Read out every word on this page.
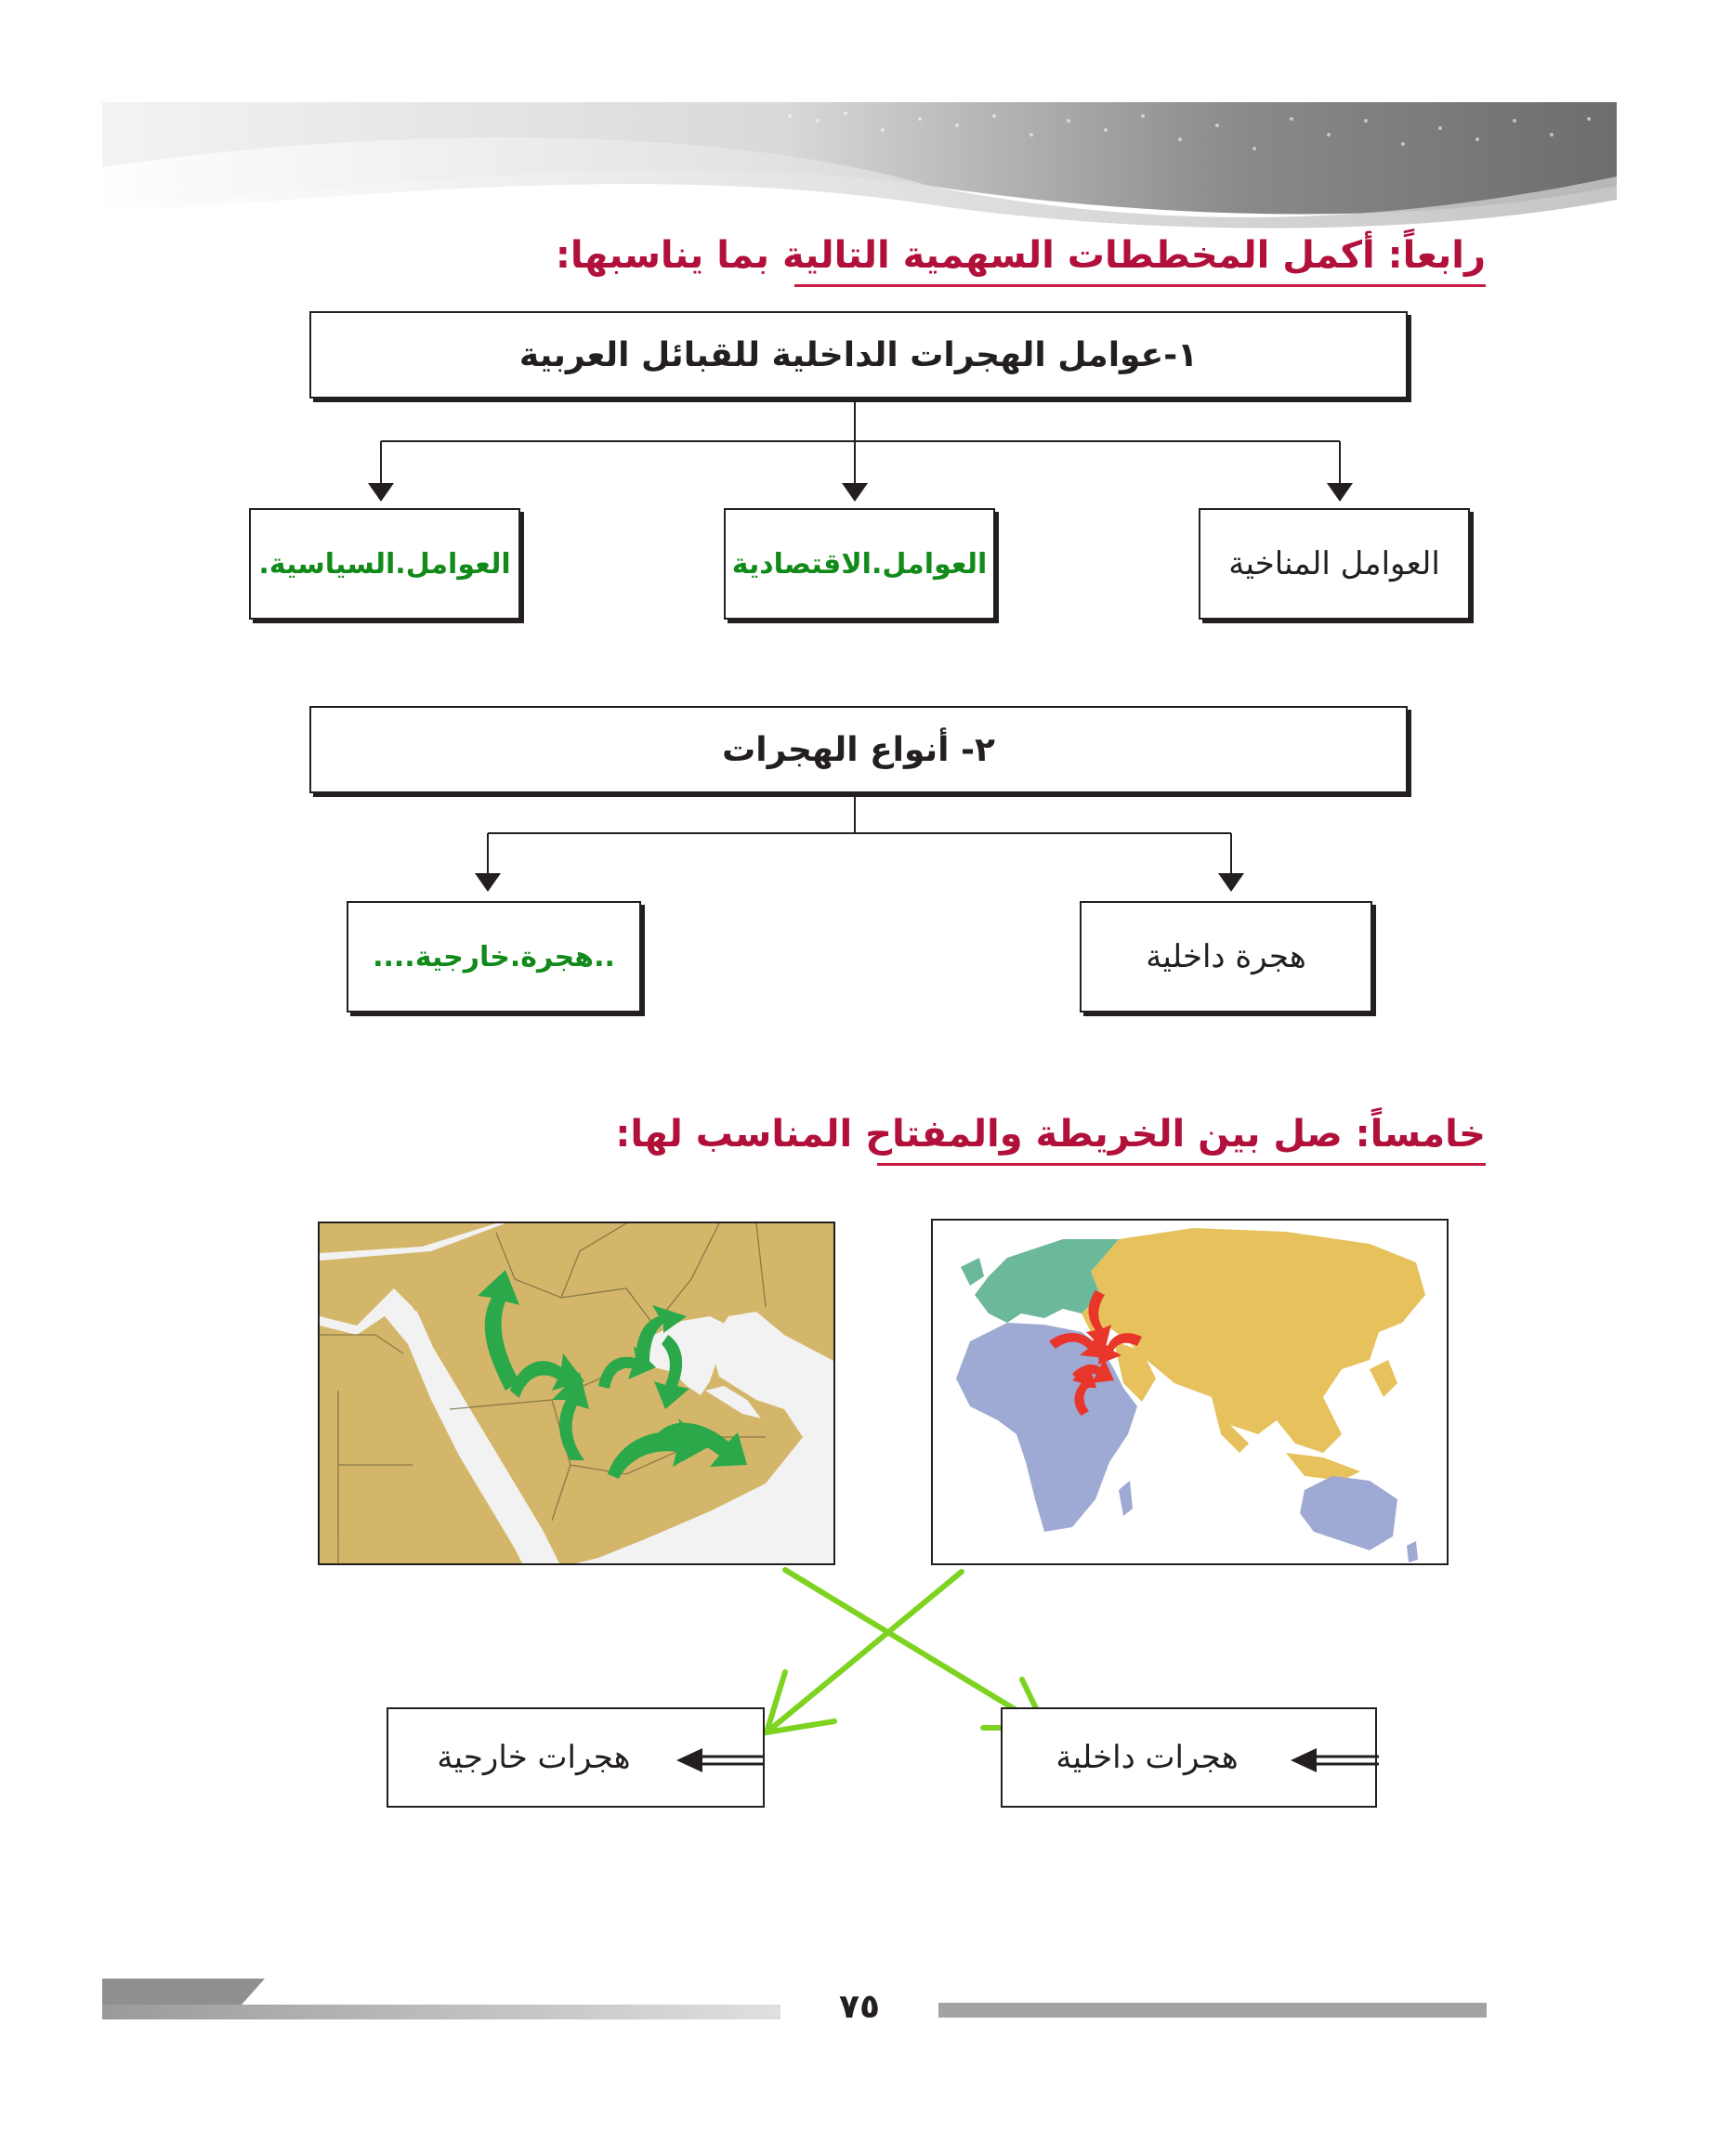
رابعاً: أكمل المخططات السهمية التالية بما يناسبها:
١-عوامل الهجرات الداخلية للقبائل العربية
العوامل المناخية
العوامل.الاقتصادية
العوامل.السياسية.
٢- أنواع الهجرات
هجرة داخلية
..هجرة.خارجية....
خامساً: صل بين الخريطة والمفتاح المناسب لها:
هجرات داخلية
هجرات خارجية
٧٥
